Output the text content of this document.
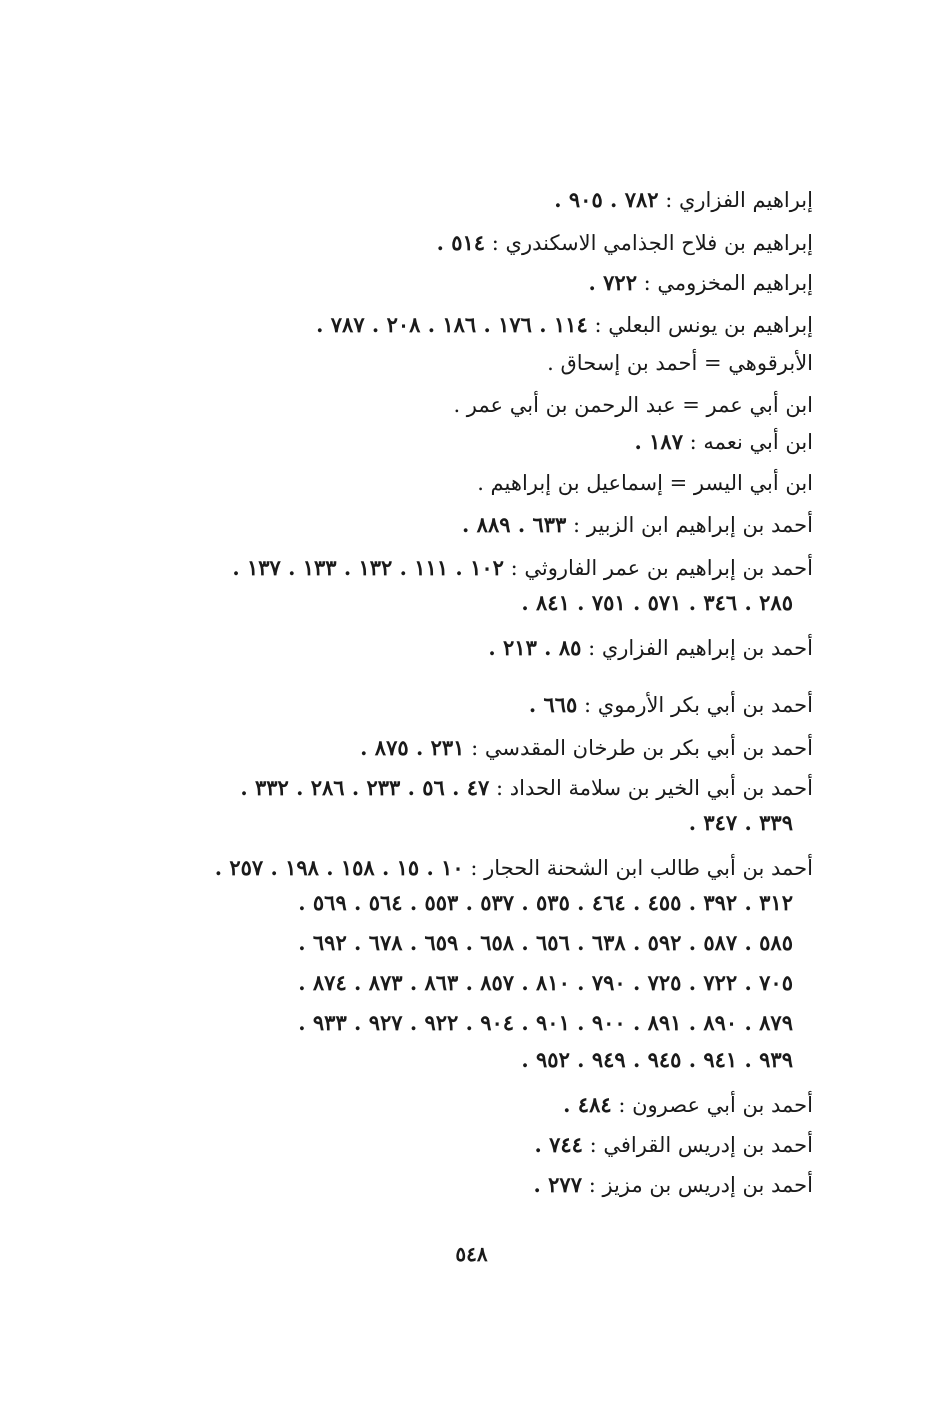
إبراهيم الفزاري : ٧٨٢ . ٩٠٥ .
إبراهيم بن فلاح الجذامي الاسكندري : ٥١٤ .
إبراهيم المخزومي : ٧٢٢ .
إبراهيم بن يونس البعلي : ١١٤ . ١٧٦ . ١٨٦ . ٢٠٨ . ٧٨٧ .
الأبرقوهي = أحمد بن إسحاق .
ابن أبي عمر = عبد الرحمن بن أبي عمر .
ابن أبي نعمه : ١٨٧ .
ابن أبي اليسر = إسماعيل بن إبراهيم .
أحمد بن إبراهيم ابن الزبير : ٦٣٣ . ٨٨٩ .
أحمد بن إبراهيم بن عمر الفاروثي : ١٠٢ . ١١١ . ١٣٢ . ١٣٣ . ١٣٧ .
٢٨٥ . ٣٤٦ . ٥٧١ . ٧٥١ . ٨٤١ .
أحمد بن إبراهيم الفزاري : ٨٥ . ٢١٣ .
أحمد بن أبي بكر الأرموي : ٦٦٥ .
أحمد بن أبي بكر بن طرخان المقدسي : ٢٣١ . ٨٧٥ .
أحمد بن أبي الخير بن سلامة الحداد : ٤٧ . ٥٦ . ٢٣٣ . ٢٨٦ . ٣٣٢ .
٣٣٩ . ٣٤٧ .
أحمد بن أبي طالب ابن الشحنة الحجار : ١٠ . ١٥ . ١٥٨ . ١٩٨ . ٢٥٧ .
٣١٢ . ٣٩٢ . ٤٥٥ . ٤٦٤ . ٥٣٥ . ٥٣٧ . ٥٥٣ . ٥٦٤ . ٥٦٩ .
٥٨٥ . ٥٨٧ . ٥٩٢ . ٦٣٨ . ٦٥٦ . ٦٥٨ . ٦٥٩ . ٦٧٨ . ٦٩٢ .
٧٠٥ . ٧٢٢ . ٧٢٥ . ٧٩٠ . ٨١٠ . ٨٥٧ . ٨٦٣ . ٨٧٣ . ٨٧٤ .
٨٧٩ . ٨٩٠ . ٨٩١ . ٩٠٠ . ٩٠١ . ٩٠٤ . ٩٢٢ . ٩٢٧ . ٩٣٣ .
٩٣٩ . ٩٤١ . ٩٤٥ . ٩٤٩ . ٩٥٢ .
أحمد بن أبي عصرون : ٤٨٤ .
أحمد بن إدريس القرافي : ٧٤٤ .
أحمد بن إدريس بن مزيز : ٢٧٧ .
٥٤٨
